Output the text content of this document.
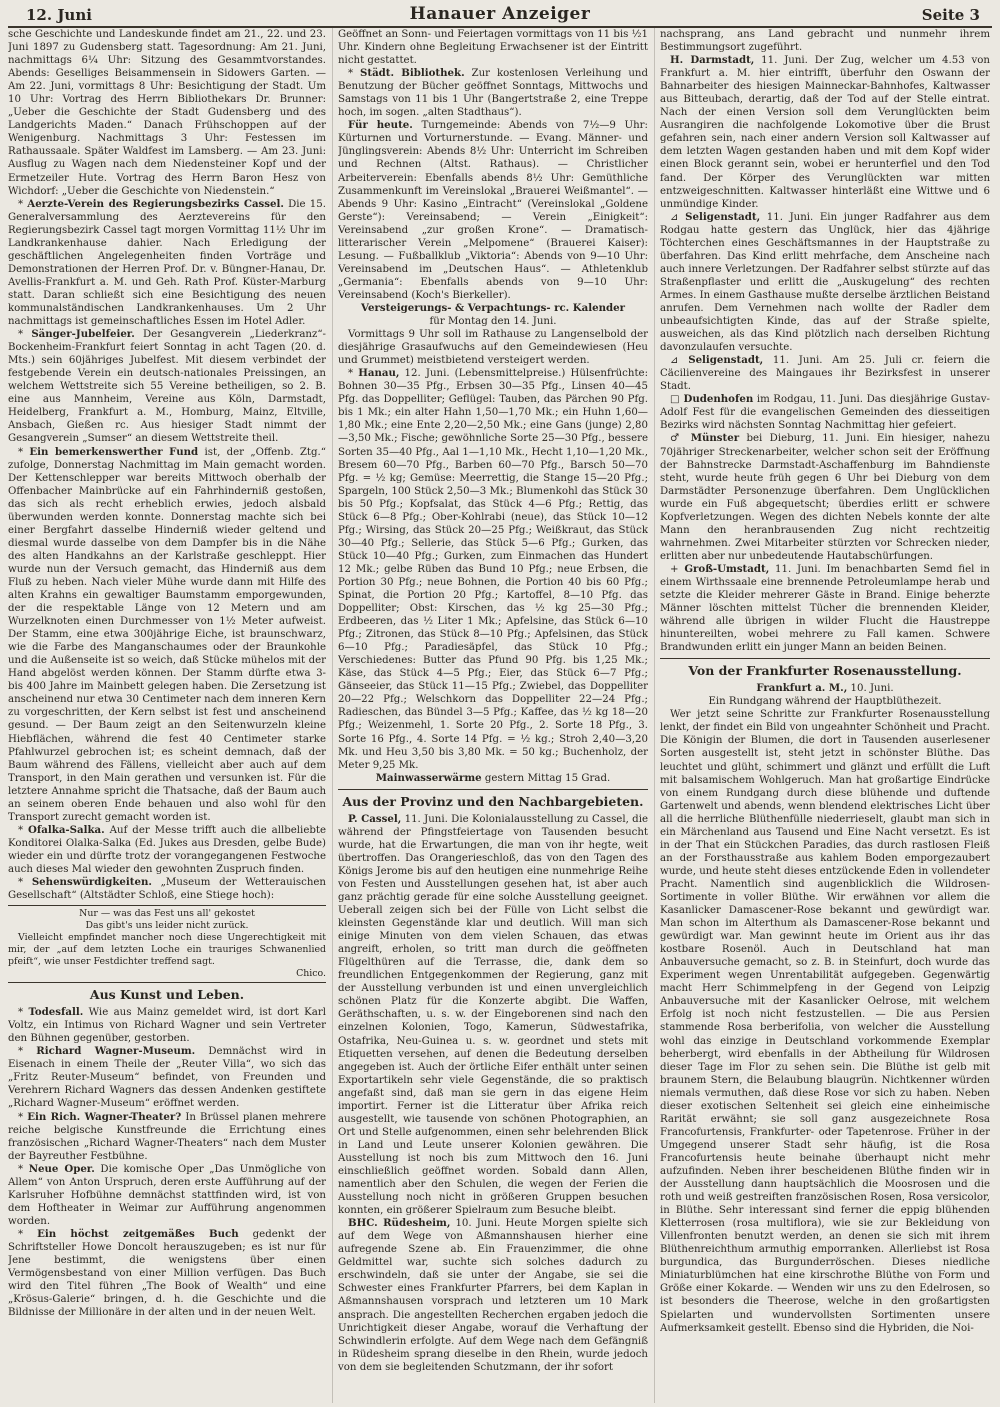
12. Juni	Hanauer Anzeiger	Seite 3

sche Geschichte und Landeskunde findet am 21., 22. und 23. Juni 1897 zu Gudensberg statt. Tagesordnung: Am 21. Juni, nachmittags 6¼ Uhr: Sitzung des Gesammtvorstandes. Abends: Geselliges Beisammensein in Sidowers Garten. — Am 22. Juni, vormittags 8 Uhr: Besichtigung der Stadt. Um 10 Uhr: Vortrag des Herrn Bibliothekars Dr. Brunner: „Ueber die Geschichte der Stadt Gudensberg und des Landgerichts Maden.“ Danach Frühschoppen auf der Wenigenburg. Nachmittags 3 Uhr: Festessen im Rathaussaale. Später Waldfest im Lamsberg. — Am 23. Juni: Ausflug zu Wagen nach dem Niedensteiner Kopf und der Ermetzeiler Hute. Vortrag des Herrn Baron Hesz von Wichdorf: „Ueber die Geschichte von Niedenstein.“

* Aerzte-Verein des Regierungsbezirks Cassel. Die 15. Generalversammlung des Aerztevereins für den Regierungsbezirk Cassel tagt morgen Vormittag 11½ Uhr im Landkrankenhause dahier. Nach Erledigung der geschäftlichen Angelegenheiten finden Vorträge und Demonstrationen der Herren Prof. Dr. v. Büngner-Hanau, Dr. Avellis-Frankfurt a. M. und Geh. Rath Prof. Küster-Marburg statt. Daran schließt sich eine Besichtigung des neuen kommunalständischen Landkrankenhauses. Um 2 Uhr nachmittags ist gemeinschaftliches Essen im Hotel Adler.

* Sänger-Jubelfeier. Der Gesangverein „Liederkranz“-Bockenheim-Frankfurt feiert Sonntag in acht Tagen (20. d. Mts.) sein 60jähriges Jubelfest. Mit diesem verbindet der festgebende Verein ein deutsch-nationales Preissingen, an welchem Wettstreite sich 55 Vereine betheiligen, so 2. B. eine aus Mannheim, Vereine aus Köln, Darmstadt, Heidelberg, Frankfurt a. M., Homburg, Mainz, Eltville, Ansbach, Gießen rc. Aus hiesiger Stadt nimmt der Gesangverein „Sumser“ an diesem Wettstreite theil.

* Ein bemerkenswerther Fund ist, der „Offenb. Ztg.“ zufolge, Donnerstag Nachmittag im Main gemacht worden. Der Kettenschlepper war bereits Mittwoch oberhalb der Offenbacher Mainbrücke auf ein Fahrhinderniß gestoßen, das sich als recht erheblich erwies, jedoch alsbald überwunden werden konnte. Donnerstag machte sich bei einer Bergfahrt dasselbe Hinderniß wieder geltend und diesmal wurde dasselbe von dem Dampfer bis in die Nähe des alten Handkahns an der Karlstraße geschleppt. Hier wurde nun der Versuch gemacht, das Hinderniß aus dem Fluß zu heben. Nach vieler Mühe wurde dann mit Hilfe des alten Krahns ein gewaltiger Baumstamm emporgewunden, der die respektable Länge von 12 Metern und am Wurzelknoten einen Durchmesser von 1½ Meter aufweist. Der Stamm, eine etwa 300jährige Eiche, ist braunschwarz, wie die Farbe des Manganschaumes oder der Braunkohle und die Außenseite ist so weich, daß Stücke mühelos mit der Hand abgelöst werden können. Der Stamm dürfte etwa 3- bis 400 Jahre im Mainbett gelegen haben. Die Zersetzung ist anscheinend nur etwa 30 Centimeter nach dem inneren Kern zu vorgeschritten, der Kern selbst ist fest und anscheinend gesund. — Der Baum zeigt an den Seitenwurzeln kleine Hiebflächen, während die fest 40 Centimeter starke Pfahlwurzel gebrochen ist; es scheint demnach, daß der Baum während des Fällens, vielleicht aber auch auf dem Transport, in den Main gerathen und versunken ist. Für die letztere Annahme spricht die Thatsache, daß der Baum auch an seinem oberen Ende behauen und also wohl für den Transport zurecht gemacht worden ist.

* Ofalka-Salka. Auf der Messe trifft auch die allbeliebte Konditorei Olalka-Salka (Ed. Jukes aus Dresden, gelbe Bude) wieder ein und dürfte trotz der vorangegangenen Festwoche auch dieses Mal wieder den gewohnten Zuspruch finden.

* Sehenswürdigkeiten. „Museum der Wetterauischen Gesellschaft“ (Altstädter Schloß, eine Stiege hoch):

Nur — was das Fest uns all' gekostet
Das gibt's uns leider nicht zurück.

Vielleicht empfindet mancher noch diese Ungerechtigkeit mit mir, der „auf dem letzten Loche ein trauriges Schwanenlied pfeift“, wie unser Festdichter treffend sagt.

Chico.
Aus Kunst und Leben.

* Todesfall. Wie aus Mainz gemeldet wird, ist dort Karl Voltz, ein Intimus von Richard Wagner und sein Vertreter den Bühnen gegenüber, gestorben.

* Richard Wagner-Museum. Demnächst wird in Eisenach in einem Theile der „Reuter Villa“, wo sich das „Fritz Reuter-Museum“ befindet, von Freunden und Verehrern Richard Wagners das dessen Andenken gestiftete „Richard Wagner-Museum“ eröffnet werden.

* Ein Rich. Wagner-Theater? In Brüssel planen mehrere reiche belgische Kunstfreunde die Errichtung eines französischen „Richard Wagner-Theaters“ nach dem Muster der Bayreuther Festbühne.

* Neue Oper. Die komische Oper „Das Unmögliche von Allem“ von Anton Urspruch, deren erste Aufführung auf der Karlsruher Hofbühne demnächst stattfinden wird, ist von dem Hoftheater in Weimar zur Aufführung angenommen worden.

* Ein höchst zeitgemäßes Buch gedenkt der Schriftsteller Howe Doncolt herauszugeben; es ist nur für Jene bestimmt, die wenigstens über einen Vermögensbestand von einer Million verfügen. Das Buch wird den Titel führen „The Book of Wealth“ und eine „Krösus-Galerie“ bringen, d. h. die Geschichte und die Bildnisse der Millionäre in der alten und in der neuen Welt.

Geöffnet an Sonn- und Feiertagen vormittags von 11 bis ½1 Uhr. Kindern ohne Begleitung Erwachsener ist der Eintritt nicht gestattet.

* Städt. Bibliothek. Zur kostenlosen Verleihung und Benutzung der Bücher geöffnet Sonntags, Mittwochs und Samstags von 11 bis 1 Uhr (Bangertstraße 2, eine Treppe hoch, im sogen. „alten Stadthaus“).

Für heute. Turngemeinde: Abends von 7½—9 Uhr: Kürturnen und Vorturnerstunde. — Evang. Männer- und Jünglingsverein: Abends 8½ Uhr: Unterricht im Schreiben und Rechnen (Altst. Rathaus). — Christlicher Arbeiterverein: Ebenfalls abends 8½ Uhr: Gemüthliche Zusammenkunft im Vereinslokal „Brauerei Weißmantel“. — Abends 9 Uhr: Kasino „Eintracht“ (Vereinslokal „Goldene Gerste“): Vereinsabend; — Verein „Einigkeit“: Vereinsabend „zur großen Krone“. — Dramatisch-litterarischer Verein „Melpomene“ (Brauerei Kaiser): Lesung. — Fußballklub „Viktoria“: Abends von 9—10 Uhr: Vereinsabend im „Deutschen Haus“. — Athletenklub „Germania“: Ebenfalls abends von 9—10 Uhr: Vereinsabend (Koch's Bierkeller).

Versteigerungs- & Verpachtungs- rc. Kalender
für Montag den 14. Juni.

Vormittags 9 Uhr soll im Rathause zu Langenselbold der diesjährige Grasaufwuchs auf den Gemeindewiesen (Heu und Grummet) meistbietend versteigert werden.

* Hanau, 12. Juni. (Lebensmittelpreise.) Hülsenfrüchte: Bohnen 30—35 Pfg., Erbsen 30—35 Pfg., Linsen 40—45 Pfg. das Doppelliter; Geflügel: Tauben, das Pärchen 90 Pfg. bis 1 Mk.; ein alter Hahn 1,50—1,70 Mk.; ein Huhn 1,60—1,80 Mk.; eine Ente 2,20—2,50 Mk.; eine Gans (junge) 2,80—3,50 Mk.; Fische; gewöhnliche Sorte 25—30 Pfg., bessere Sorten 35—40 Pfg., Aal 1—1,10 Mk., Hecht 1,10—1,20 Mk., Bresem 60—70 Pfg., Barben 60—70 Pfg., Barsch 50—70 Pfg. = ½ kg; Gemüse: Meerrettig, die Stange 15—20 Pfg.; Spargeln, 100 Stück 2,50—3 Mk.; Blumenkohl das Stück 30 bis 50 Pfg.; Kopfsalat, das Stück 4—6 Pfg.; Rettig, das Stück 6—8 Pfg.; Ober-Kohlrabi (neue), das Stück 10—12 Pfg.; Wirsing, das Stück 20—25 Pfg.; Weißkraut, das Stück 30—40 Pfg.; Sellerie, das Stück 5—6 Pfg.; Gurken, das Stück 10—40 Pfg.; Gurken, zum Einmachen das Hundert 12 Mk.; gelbe Rüben das Bund 10 Pfg.; neue Erbsen, die Portion 30 Pfg.; neue Bohnen, die Portion 40 bis 60 Pfg.; Spinat, die Portion 20 Pfg.; Kartoffel, 8—10 Pfg. das Doppelliter; Obst: Kirschen, das ½ kg 25—30 Pfg.; Erdbeeren, das ½ Liter 1 Mk.; Apfelsine, das Stück 6—10 Pfg.; Zitronen, das Stück 8—10 Pfg.; Apfelsinen, das Stück 6—10 Pfg.; Paradiesäpfel, das Stück 10 Pfg.; Verschiedenes: Butter das Pfund 90 Pfg. bis 1,25 Mk.; Käse, das Stück 4—5 Pfg.; Eier, das Stück 6—7 Pfg.; Gänseeier, das Stück 11—15 Pfg.; Zwiebel, das Doppelliter 20—22 Pfg.; Welschkorn das Doppelliter 22—24 Pfg.; Radieschen, das Bündel 3—5 Pfg.; Kaffee, das ½ kg 18—20 Pfg.; Weizenmehl, 1. Sorte 20 Pfg., 2. Sorte 18 Pfg., 3. Sorte 16 Pfg., 4. Sorte 14 Pfg. = ½ kg.; Stroh 2,40—3,20 Mk. und Heu 3,50 bis 3,80 Mk. = 50 kg.; Buchenholz, der Meter 9,25 Mk.

Mainwasserwärme gestern Mittag 15 Grad.

Aus der Provinz und den Nachbargebieten.

P. Cassel, 11. Juni. Die Kolonialausstellung zu Cassel, die während der Pfingstfeiertage von Tausenden besucht wurde, hat die Erwartungen, die man von ihr hegte, weit übertroffen. Das Orangerieschloß, das von den Tagen des Königs Jerome bis auf den heutigen eine nunmehrige Reihe von Festen und Ausstellungen gesehen hat, ist aber auch ganz prächtig gerade für eine solche Ausstellung geeignet. Ueberall zeigen sich bei der Fülle von Licht selbst die kleinsten Gegenstände klar und deutlich. Will man sich einige Minuten von dem vielen Schauen, das etwas angreift, erholen, so tritt man durch die geöffneten Flügelthüren auf die Terrasse, die, dank dem so freundlichen Entgegenkommen der Regierung, ganz mit der Ausstellung verbunden ist und einen unvergleichlich schönen Platz für die Konzerte abgibt. Die Waffen, Geräthschaften, u. s. w. der Eingeborenen sind nach den einzelnen Kolonien, Togo, Kamerun, Südwestafrika, Ostafrika, Neu-Guinea u. s. w. geordnet und stets mit Etiquetten versehen, auf denen die Bedeutung derselben angegeben ist. Auch der örtliche Eifer enthält unter seinen Exportartikeln sehr viele Gegenstände, die so praktisch angefaßt sind, daß man sie gern in das eigene Heim importirt. Ferner ist die Litteratur über Afrika reich ausgestellt, wie tausende von schönen Photographien, an Ort und Stelle aufgenommen, einen sehr belehrenden Blick in Land und Leute unserer Kolonien gewähren. Die Ausstellung ist noch bis zum Mittwoch den 16. Juni einschließlich geöffnet worden. Sobald dann Allen, namentlich aber den Schulen, die wegen der Ferien die Ausstellung noch nicht in größeren Gruppen besuchen konnten, ein größerer Spielraum zum Besuche bleibt.

BHC. Rüdesheim, 10. Juni. Heute Morgen spielte sich auf dem Wege von Aßmannshausen hierher eine aufregende Szene ab. Ein Frauenzimmer, die ohne Geldmittel war, suchte sich solches dadurch zu erschwindeln, daß sie unter der Angabe, sie sei die Schwester eines Frankfurter Pfarrers, bei dem Kaplan in Aßmannshausen vorsprach und letzteren um 10 Mark ansprach. Die angestellten Recherchen ergaben jedoch die Unrichtigkeit dieser Angabe, worauf die Verhaftung der Schwindlerin erfolgte. Auf dem Wege nach dem Gefängniß in Rüdesheim sprang dieselbe in den Rhein, wurde jedoch von dem sie begleitenden Schutzmann, der ihr sofort

nachsprang, ans Land gebracht und nunmehr ihrem Bestimmungsort zugeführt.

H. Darmstadt, 11. Juni. Der Zug, welcher um 4.53 von Frankfurt a. M. hier eintrifft, überfuhr den Oswann der Bahnarbeiter des hiesigen Mainneckar-Bahnhofes, Kaltwasser aus Bitteubach, derartig, daß der Tod auf der Stelle eintrat. Nach der einen Version soll dem Verunglückten beim Ausrangiren die nachfolgende Lokomotive über die Brust gefahren sein, nach einer andern Version soll Kaltwasser auf dem letzten Wagen gestanden haben und mit dem Kopf wider einen Block gerannt sein, wobei er herunterfiel und den Tod fand. Der Körper des Verunglückten war mitten entzweigeschnitten. Kaltwasser hinterläßt eine Wittwe und 6 unmündige Kinder.

⊿ Seligenstadt, 11. Juni. Ein junger Radfahrer aus dem Rodgau hatte gestern das Unglück, hier das 4jährige Töchterchen eines Geschäftsmannes in der Hauptstraße zu überfahren. Das Kind erlitt mehrfache, dem Anscheine nach auch innere Verletzungen. Der Radfahrer selbst stürzte auf das Straßenpflaster und erlitt die „Auskugelung“ des rechten Armes. In einem Gasthause mußte derselbe ärztlichen Beistand anrufen. Dem Vernehmen nach wollte der Radler dem unbeaufsichtigten Kinde, das auf der Straße spielte, ausweichen, als das Kind plötzlich nach derselben Richtung davonzulaufen versuchte.

⊿ Seligenstadt, 11. Juni. Am 25. Juli cr. feiern die Cäcilienvereine des Maingaues ihr Bezirksfest in unserer Stadt.

□ Dudenhofen im Rodgau, 11. Juni. Das diesjährige Gustav-Adolf Fest für die evangelischen Gemeinden des diesseitigen Bezirks wird nächsten Sonntag Nachmittag hier gefeiert.

♂ Münster bei Dieburg, 11. Juni. Ein hiesiger, nahezu 70jähriger Streckenarbeiter, welcher schon seit der Eröffnung der Bahnstrecke Darmstadt-Aschaffenburg im Bahndienste steht, wurde heute früh gegen 6 Uhr bei Dieburg von dem Darmstädter Personenzuge überfahren. Dem Unglücklichen wurde ein Fuß abgequetscht; überdies erlitt er schwere Kopfverletzungen. Wegen des dichten Nebels konnte der alte Mann den heranbrausenden Zug nicht rechtzeitig wahrnehmen. Zwei Mitarbeiter stürzten vor Schrecken nieder, erlitten aber nur unbedeutende Hautabschürfungen.

+ Groß-Umstadt, 11. Juni. Im benachbarten Semd fiel in einem Wirthssaale eine brennende Petroleumlampe herab und setzte die Kleider mehrerer Gäste in Brand. Einige beherzte Männer löschten mittelst Tücher die brennenden Kleider, während alle übrigen in wilder Flucht die Haustreppe hinuntereilten, wobei mehrere zu Fall kamen. Schwere Brandwunden erlitt ein junger Mann an beiden Beinen.

Von der Frankfurter Rosenausstellung.

Frankfurt a. M., 10. Juni.

Ein Rundgang während der Hauptblüthezeit.

Wer jetzt seine Schritte zur Frankfurter Rosenausstellung lenkt, der findet ein Bild von ungeahnter Schönheit und Pracht. Die Königin der Blumen, die dort in Tausenden auserlesener Sorten ausgestellt ist, steht jetzt in schönster Blüthe. Das leuchtet und glüht, schimmert und glänzt und erfüllt die Luft mit balsamischem Wohlgeruch. Man hat großartige Eindrücke von einem Rundgang durch diese blühende und duftende Gartenwelt und abends, wenn blendend elektrisches Licht über all die herrliche Blüthenfülle niederrieselt, glaubt man sich in ein Märchenland aus Tausend und Eine Nacht versetzt. Es ist in der That ein Stückchen Paradies, das durch rastlosen Fleiß an der Forsthausstraße aus kahlem Boden emporgezaubert wurde, und heute steht dieses entzückende Eden in vollendeter Pracht. Namentlich sind augenblicklich die Wildrosen-Sortimente in voller Blüthe. Wir erwähnen vor allem die Kasanlicker Damascener-Rose bekannt und gewürdigt war. Man schon im Alterthum als Damascener-Rose bekannt und gewürdigt war. Man gewinnt heute im Orient aus ihr das kostbare Rosenöl. Auch in Deutschland hat man Anbauversuche gemacht, so z. B. in Steinfurt, doch wurde das Experiment wegen Unrentabilität aufgegeben. Gegenwärtig macht Herr Schimmelpfeng in der Gegend von Leipzig Anbauversuche mit der Kasanlicker Oelrose, mit welchem Erfolg ist noch nicht festzustellen. — Die aus Persien stammende Rosa berberifolia, von welcher die Ausstellung wohl das einzige in Deutschland vorkommende Exemplar beherbergt, wird ebenfalls in der Abtheilung für Wildrosen dieser Tage im Flor zu sehen sein. Die Blüthe ist gelb mit braunem Stern, die Belaubung blaugrün. Nichtkenner würden niemals vermuthen, daß diese Rose vor sich zu haben. Neben dieser exotischen Seltenheit sei gleich eine einheimische Rarität erwähnt; sie soll ganz ausgezeichnete Rosa Francofurtensis, Frankfurter- oder Tapetenrose. Früher in der Umgegend unserer Stadt sehr häufig, ist die Rosa Francofurtensis heute beinahe überhaupt nicht mehr aufzufinden. Neben ihrer bescheidenen Blüthe finden wir in der Ausstellung dann hauptsächlich die Moosrosen und die roth und weiß gestreiften französischen Rosen, Rosa versicolor, in Blüthe. Sehr interessant sind ferner die eppig blühenden Kletterrosen (rosa multiflora), wie sie zur Bekleidung von Villenfronten benutzt werden, an denen sie sich mit ihrem Blüthenreichthum armuthig emporranken. Allerliebst ist Rosa burgundica, das Burgunderröschen. Dieses niedliche Miniaturblümchen hat eine kirschrothe Blüthe von Form und Größe einer Kokarde. — Wenden wir uns zu den Edelrosen, so ist besonders die Theerose, welche in den großartigsten Spielarten und wundervollsten Sortimenten unsere Aufmerksamkeit gestellt. Ebenso sind die Hybriden, die Noi-
